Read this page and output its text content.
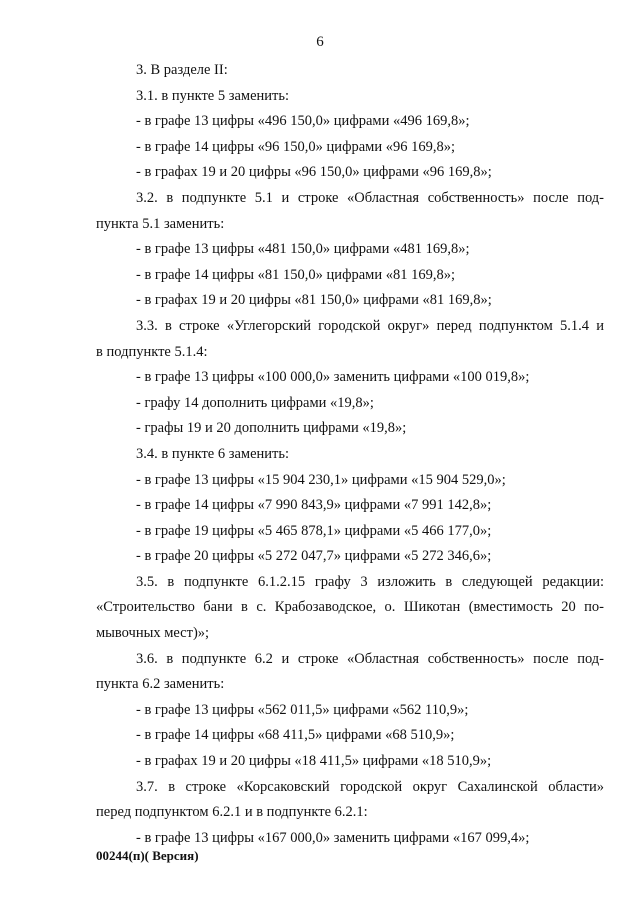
6
3. В разделе II:
3.1. в пункте 5 заменить:
- в графе 13 цифры «496 150,0» цифрами «496 169,8»;
- в графе 14 цифры «96 150,0» цифрами «96 169,8»;
- в графах 19 и 20 цифры «96 150,0» цифрами «96 169,8»;
3.2. в подпункте 5.1 и строке «Областная собственность» после под-
пункта 5.1 заменить:
- в графе 13 цифры «481 150,0» цифрами «481 169,8»;
- в графе 14 цифры «81 150,0» цифрами «81 169,8»;
- в графах 19 и 20 цифры «81 150,0» цифрами «81 169,8»;
3.3. в строке «Углегорский городской округ» перед подпунктом 5.1.4 и
в подпункте 5.1.4:
- в графе 13 цифры «100 000,0» заменить цифрами «100 019,8»;
- графу 14 дополнить цифрами «19,8»;
- графы 19 и 20 дополнить цифрами «19,8»;
3.4. в пункте 6 заменить:
- в графе 13 цифры «15 904 230,1» цифрами «15 904 529,0»;
- в графе 14 цифры «7 990 843,9» цифрами «7 991 142,8»;
- в графе 19 цифры «5 465 878,1» цифрами «5 466 177,0»;
- в графе 20 цифры «5 272 047,7» цифрами «5 272 346,6»;
3.5. в подпункте 6.1.2.15 графу 3 изложить в следующей редакции:
«Строительство бани в с. Крабозаводское, о. Шикотан (вместимость 20 по-
мывочных мест)»;
3.6. в подпункте 6.2 и строке «Областная собственность» после под-
пункта 6.2 заменить:
- в графе 13 цифры «562 011,5» цифрами «562 110,9»;
- в графе 14 цифры «68 411,5» цифрами «68 510,9»;
- в графах 19 и 20 цифры «18 411,5» цифрами «18 510,9»;
3.7. в строке «Корсаковский городской округ Сахалинской области»
перед подпунктом 6.2.1 и в подпункте 6.2.1:
- в графе 13 цифры «167 000,0» заменить цифрами «167 099,4»;
00244(п)( Версия)
